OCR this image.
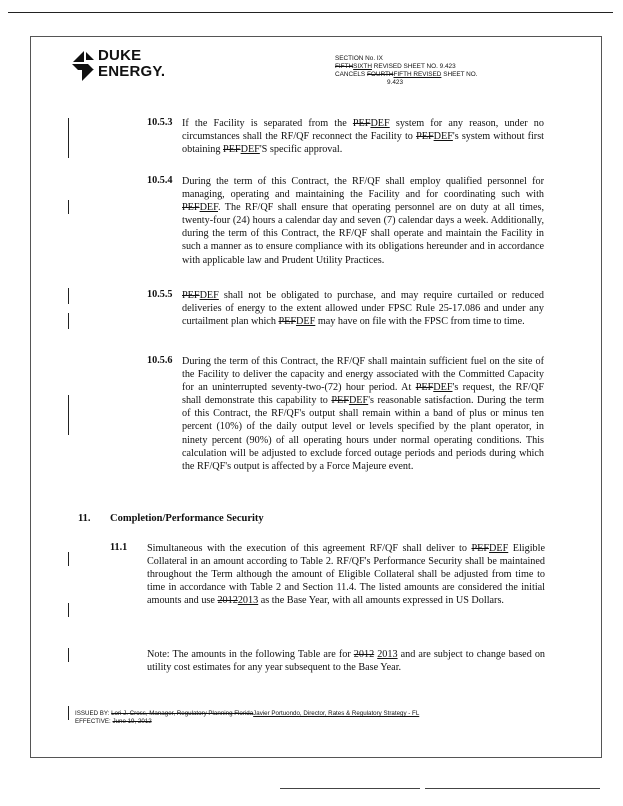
DUKE
ENERGY.
SECTION No. IX
FIFTHSIXTH REVISED SHEET NO. 9.423
CANCELS FOURTHFIFTH REVISED SHEET NO.
9.423
10.5.3 If the Facility is separated from the PEFDEF system for any reason, under no circumstances shall the RF/QF reconnect the Facility to PEFDEF's system without first obtaining PEFDEF'S specific approval.
10.5.4 During the term of this Contract, the RF/QF shall employ qualified personnel for managing, operating and maintaining the Facility and for coordinating such with PEFDEF. The RF/QF shall ensure that operating personnel are on duty at all times, twenty-four (24) hours a calendar day and seven (7) calendar days a week. Additionally, during the term of this Contract, the RF/QF shall operate and maintain the Facility in such a manner as to ensure compliance with its obligations hereunder and in accordance with applicable law and Prudent Utility Practices.
10.5.5 PEFDEF shall not be obligated to purchase, and may require curtailed or reduced deliveries of energy to the extent allowed under FPSC Rule 25-17.086 and under any curtailment plan which PEFDEF may have on file with the FPSC from time to time.
10.5.6 During the term of this Contract, the RF/QF shall maintain sufficient fuel on the site of the Facility to deliver the capacity and energy associated with the Committed Capacity for an uninterrupted seventy-two-(72) hour period. At PEFDEF's request, the RF/QF shall demonstrate this capability to PEFDEF's reasonable satisfaction. During the term of this Contract, the RF/QF's output shall remain within a band of plus or minus ten percent (10%) of the daily output level or levels specified by the plant operator, in ninety percent (90%) of all operating hours under normal operating conditions. This calculation will be adjusted to exclude forced outage periods and periods during which the RF/QF's output is affected by a Force Majeure event.
11. Completion/Performance Security
11.1 Simultaneous with the execution of this agreement RF/QF shall deliver to PEFDEF Eligible Collateral in an amount according to Table 2. RF/QF's Performance Security shall be maintained throughout the Term although the amount of Eligible Collateral shall be adjusted from time to time in accordance with Table 2 and Section 11.4. The listed amounts are considered the initial amounts and use 20122013 as the Base Year, with all amounts expressed in US Dollars.
Note: The amounts in the following Table are for 2012 2013 and are subject to change based on utility cost estimates for any year subsequent to the Base Year.
ISSUED BY: Lori J. Cross, Manager, Regulatory Planning FloridaJavier Portuondo, Director, Rates & Regulatory Strategy - FL
EFFECTIVE: June 19, 2012
